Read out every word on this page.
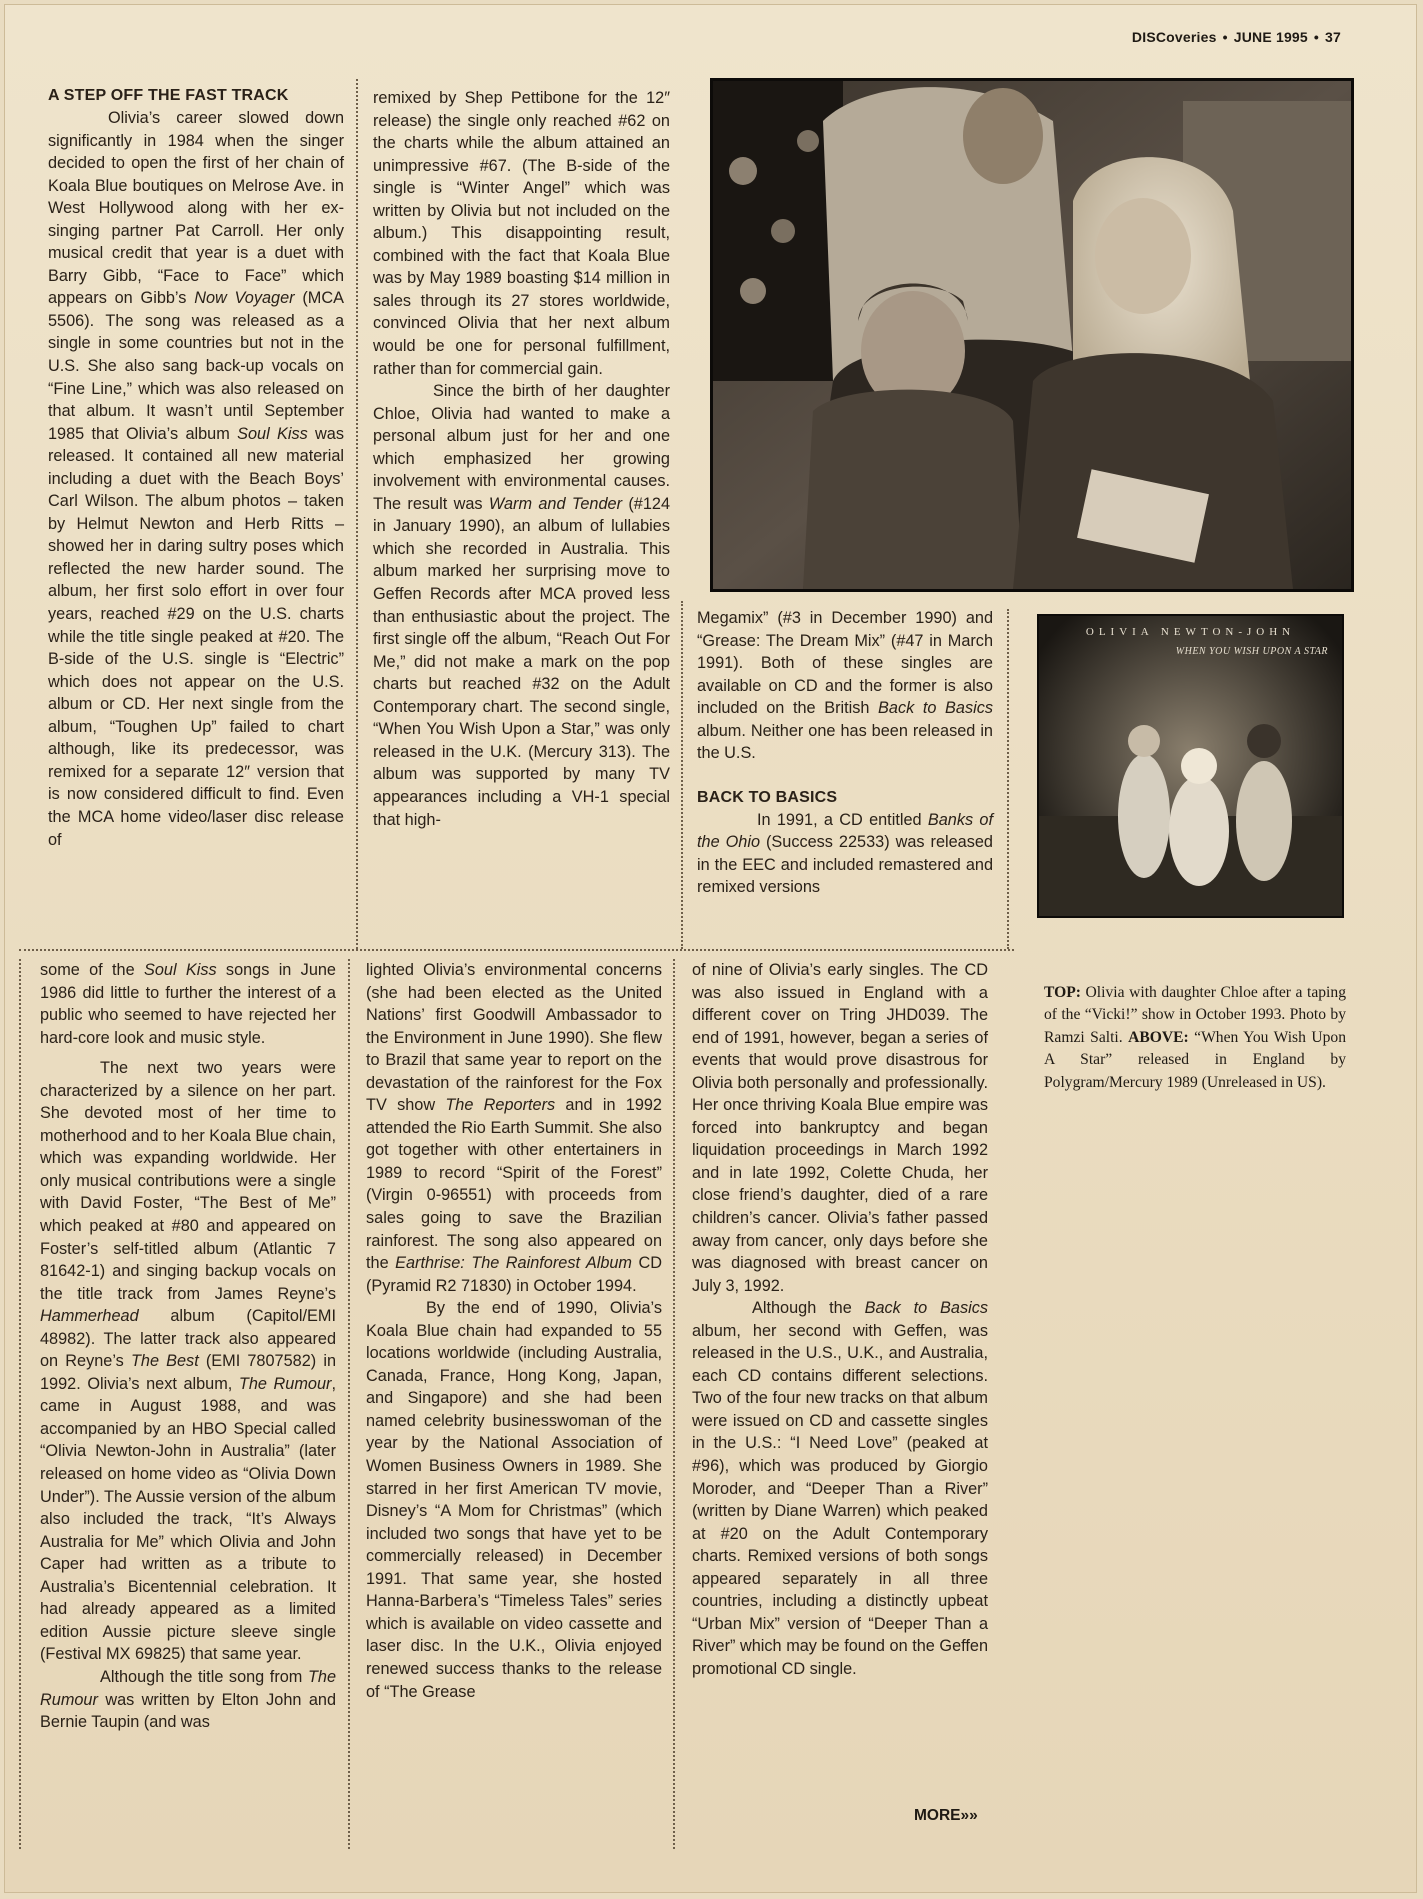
DISCoveries • JUNE 1995 • 37
A STEP OFF THE FAST TRACK

Olivia’s career slowed down significantly in 1984 when the singer decided to open the first of her chain of Koala Blue boutiques on Melrose Ave. in West Hollywood along with her ex-singing partner Pat Carroll. Her only musical credit that year is a duet with Barry Gibb, “Face to Face” which appears on Gibb’s Now Voyager (MCA 5506). The song was released as a single in some countries but not in the U.S. She also sang back-up vocals on “Fine Line,” which was also released on that album. It wasn’t until September 1985 that Olivia’s album Soul Kiss was released. It contained all new material including a duet with the Beach Boys’ Carl Wilson. The album photos – taken by Helmut Newton and Herb Ritts – showed her in daring sultry poses which reflected the new harder sound. The album, her first solo effort in over four years, reached #29 on the U.S. charts while the title single peaked at #20. The B-side of the U.S. single is “Electric” which does not appear on the U.S. album or CD. Her next single from the album, “Toughen Up” failed to chart although, like its predecessor, was remixed for a separate 12″ version that is now considered difficult to find. Even the MCA home video/laser disc release of

remixed by Shep Pettibone for the 12″ release) the single only reached #62 on the charts while the album attained an unimpressive #67. (The B-side of the single is “Winter Angel” which was written by Olivia but not included on the album.) This disappointing result, combined with the fact that Koala Blue was by May 1989 boasting $14 million in sales through its 27 stores worldwide, convinced Olivia that her next album would be one for personal fulfillment, rather than for commercial gain.

Since the birth of her daughter Chloe, Olivia had wanted to make a personal album just for her and one which emphasized her growing involvement with environmental causes. The result was Warm and Tender (#124 in January 1990), an album of lullabies which she recorded in Australia. This album marked her surprising move to Geffen Records after MCA proved less than enthusiastic about the project. The first single off the album, “Reach Out For Me,” did not make a mark on the pop charts but reached #32 on the Adult Contemporary chart. The second single, “When You Wish Upon a Star,” was only released in the U.K. (Mercury 313). The album was supported by many TV appearances including a VH-1 special that high-

Megamix” (#3 in December 1990) and “Grease: The Dream Mix” (#47 in March 1991). Both of these singles are available on CD and the former is also included on the British Back to Basics album. Neither one has been released in the U.S.

BACK TO BASICS

In 1991, a CD entitled Banks of the Ohio (Success 22533) was released in the EEC and included remastered and remixed versions

some of the Soul Kiss songs in June 1986 did little to further the interest of a public who seemed to have rejected her hard-core look and music style.

The next two years were characterized by a silence on her part. She devoted most of her time to motherhood and to her Koala Blue chain, which was expanding worldwide. Her only musical contributions were a single with David Foster, “The Best of Me” which peaked at #80 and appeared on Foster’s self-titled album (Atlantic 7 81642-1) and singing backup vocals on the title track from James Reyne’s Hammerhead album (Capitol/EMI 48982). The latter track also appeared on Reyne’s The Best (EMI 7807582) in 1992. Olivia’s next album, The Rumour, came in August 1988, and was accompanied by an HBO Special called “Olivia Newton-John in Australia” (later released on home video as “Olivia Down Under”). The Aussie version of the album also included the track, “It’s Always Australia for Me” which Olivia and John Caper had written as a tribute to Australia’s Bicentennial celebration. It had already appeared as a limited edition Aussie picture sleeve single (Festival MX 69825) that same year.

Although the title song from The Rumour was written by Elton John and Bernie Taupin (and was

lighted Olivia’s environmental concerns (she had been elected as the United Nations’ first Goodwill Ambassador to the Environment in June 1990). She flew to Brazil that same year to report on the devastation of the rainforest for the Fox TV show The Reporters and in 1992 attended the Rio Earth Summit. She also got together with other entertainers in 1989 to record “Spirit of the Forest” (Virgin 0-96551) with proceeds from sales going to save the Brazilian rainforest. The song also appeared on the Earthrise: The Rainforest Album CD (Pyramid R2 71830) in October 1994.

By the end of 1990, Olivia’s Koala Blue chain had expanded to 55 locations worldwide (including Australia, Canada, France, Hong Kong, Japan, and Singapore) and she had been named celebrity businesswoman of the year by the National Association of Women Business Owners in 1989. She starred in her first American TV movie, Disney’s “A Mom for Christmas” (which included two songs that have yet to be commercially released) in December 1991. That same year, she hosted Hanna-Barbera’s “Timeless Tales” series which is available on video cassette and laser disc. In the U.K., Olivia enjoyed renewed success thanks to the release of “The Grease

of nine of Olivia’s early singles. The CD was also issued in England with a different cover on Tring JHD039. The end of 1991, however, began a series of events that would prove disastrous for Olivia both personally and professionally. Her once thriving Koala Blue empire was forced into bankruptcy and began liquidation proceedings in March 1992 and in late 1992, Colette Chuda, her close friend’s daughter, died of a rare children’s cancer. Olivia’s father passed away from cancer, only days before she was diagnosed with breast cancer on July 3, 1992.

Although the Back to Basics album, her second with Geffen, was released in the U.S., U.K., and Australia, each CD contains different selections. Two of the four new tracks on that album were issued on CD and cassette singles in the U.S.: “I Need Love” (peaked at #96), which was produced by Giorgio Moroder, and “Deeper Than a River” (written by Diane Warren) which peaked at #20 on the Adult Contemporary charts. Remixed versions of both songs appeared separately in all three countries, including a distinctly upbeat “Urban Mix” version of “Deeper Than a River” which may be found on the Geffen promotional CD single.

OLIVIA NEWTON-JOHN
WHEN YOU WISH UPON A STAR
TOP: Olivia with daughter Chloe after a taping of the “Vicki!” show in October 1993. Photo by Ramzi Salti. ABOVE: “When You Wish Upon A Star” released in England by Polygram/Mercury 1989 (Unreleased in US).
MORE»»
